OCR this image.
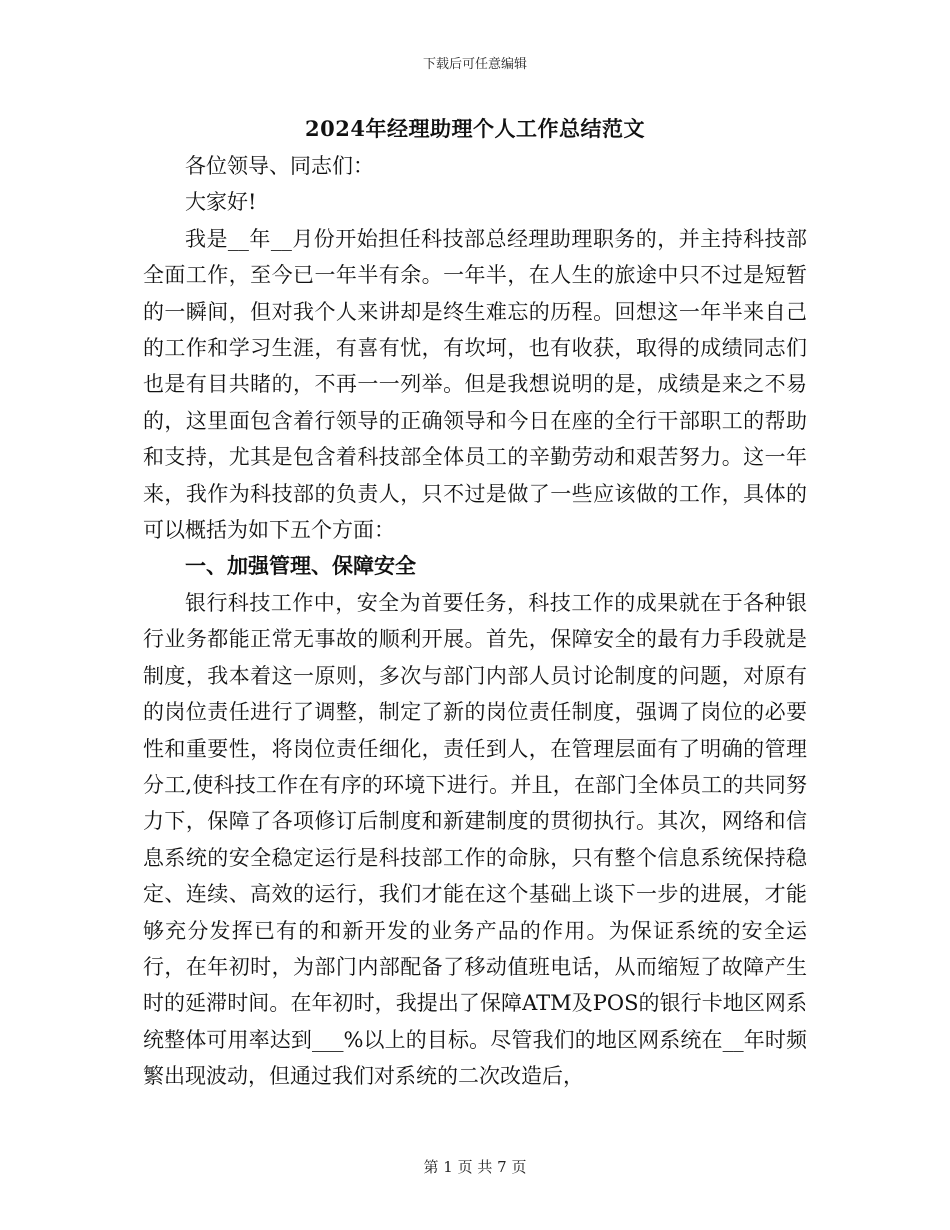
下载后可任意编辑
2024年经理助理个人工作总结范文

各位领导、同志们：

大家好!

我是__年__月份开始担任科技部总经理助理职务的，并主持科技部全面工作，至今已一年半有余。一年半，在人生的旅途中只不过是短暂的一瞬间，但对我个人来讲却是终生难忘的历程。回想这一年半来自己的工作和学习生涯，有喜有忧，有坎坷，也有收获，取得的成绩同志们也是有目共睹的，不再一一列举。但是我想说明的是，成绩是来之不易的，这里面包含着行领导的正确领导和今日在座的全行干部职工的帮助和支持，尤其是包含着科技部全体员工的辛勤劳动和艰苦努力。这一年来，我作为科技部的负责人，只不过是做了一些应该做的工作，具体的可以概括为如下五个方面：

一、加强管理、保障安全

银行科技工作中，安全为首要任务，科技工作的成果就在于各种银行业务都能正常无事故的顺利开展。首先，保障安全的最有力手段就是制度，我本着这一原则，多次与部门内部人员讨论制度的问题，对原有的岗位责任进行了调整，制定了新的岗位责任制度，强调了岗位的必要性和重要性，将岗位责任细化，责任到人，在管理层面有了明确的管理分工,使科技工作在有序的环境下进行。并且，在部门全体员工的共同努力下，保障了各项修订后制度和新建制度的贯彻执行。其次，网络和信息系统的安全稳定运行是科技部工作的命脉，只有整个信息系统保持稳定、连续、高效的运行，我们才能在这个基础上谈下一步的进展，才能够充分发挥已有的和新开发的业务产品的作用。为保证系统的安全运行，在年初时，为部门内部配备了移动值班电话，从而缩短了故障产生时的延滞时间。在年初时，我提出了保障ATM及POS的银行卡地区网系统整体可用率达到___%以上的目标。尽管我们的地区网系统在__年时频繁出现波动，但通过我们对系统的二次改造后，

第 1 页 共 7 页
